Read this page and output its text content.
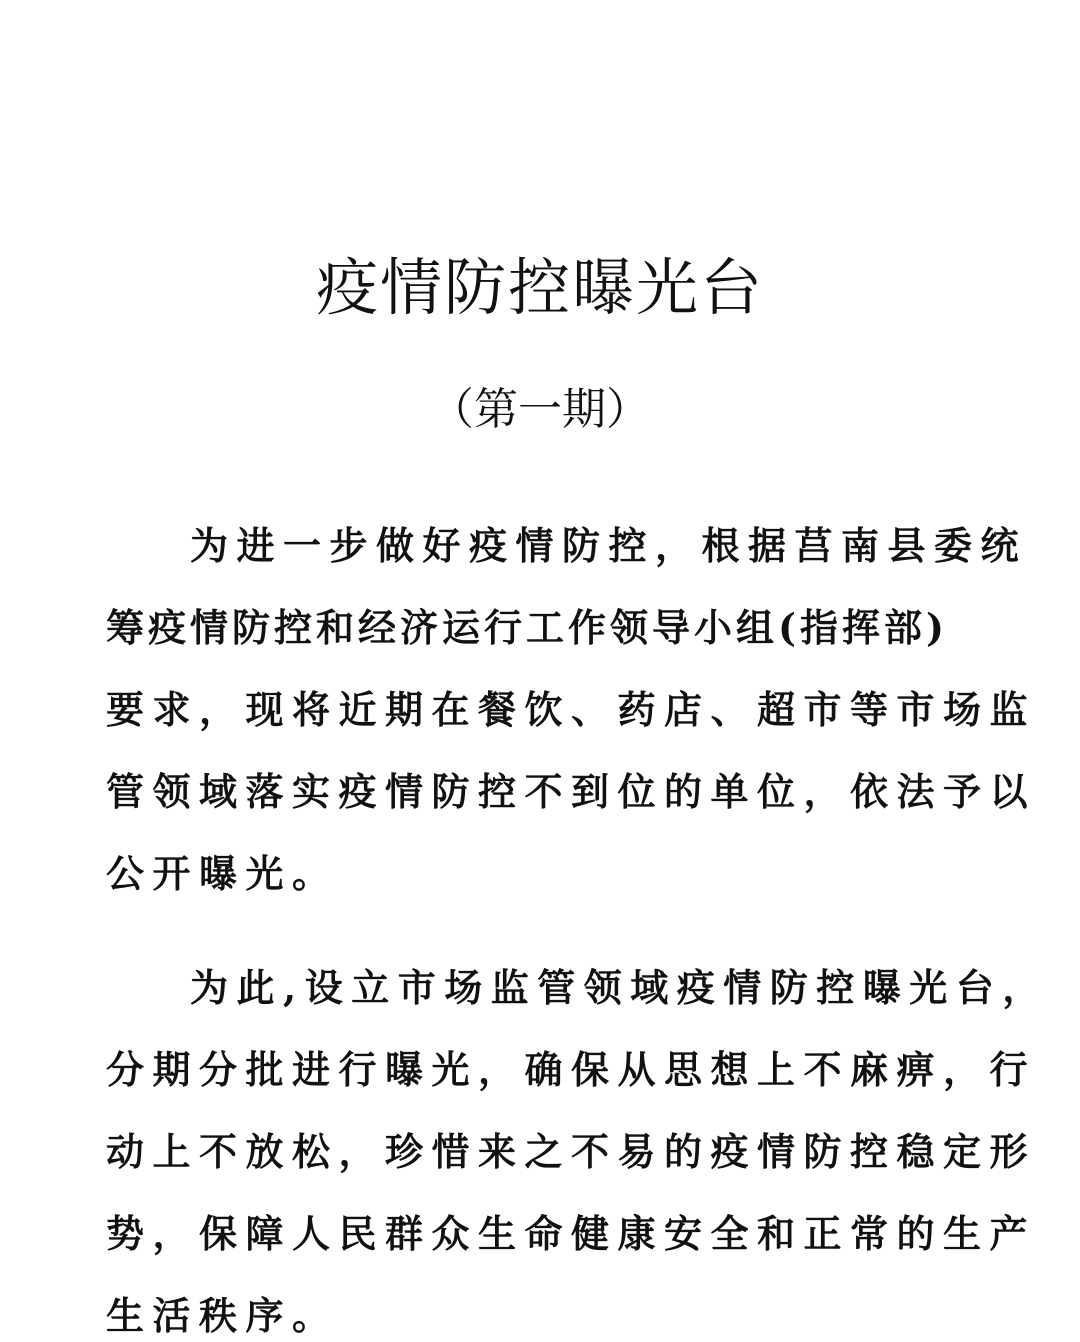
疫情防控曝光台
（第一期）

为进一步做好疫情防控，根据莒南县委统

筹疫情防控和经济运行工作领导小组(指挥部)

要求，现将近期在餐饮、药店、超市等市场监

管领域落实疫情防控不到位的单位，依法予以

公开曝光。

为此,设立市场监管领域疫情防控曝光台，

分期分批进行曝光，确保从思想上不麻痹，行

动上不放松，珍惜来之不易的疫情防控稳定形

势，保障人民群众生命健康安全和正常的生产

生活秩序。
